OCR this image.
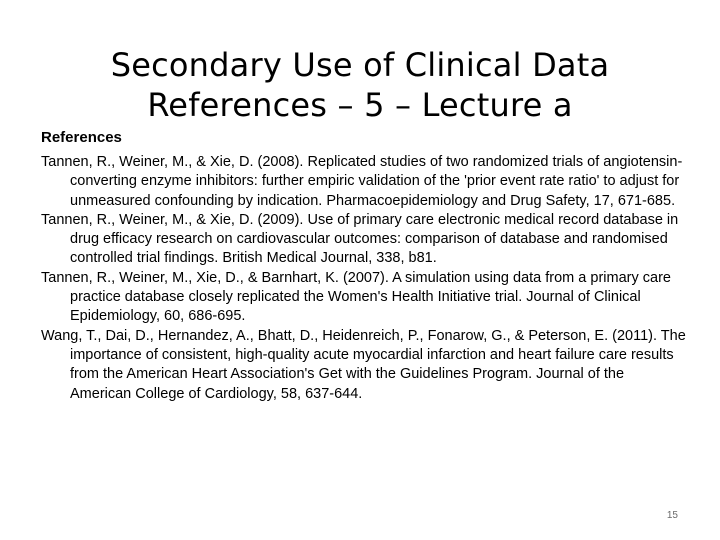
Secondary Use of Clinical Data
References – 5 – Lecture a
References
Tannen, R., Weiner, M., & Xie, D. (2008). Replicated studies of two randomized trials of angiotensin-converting enzyme inhibitors: further empiric validation of the 'prior event rate ratio' to adjust for unmeasured confounding by indication. Pharmacoepidemiology and Drug Safety, 17, 671-685.
Tannen, R., Weiner, M., & Xie, D. (2009). Use of primary care electronic medical record database in drug efficacy research on cardiovascular outcomes: comparison of database and randomised controlled trial findings. British Medical Journal, 338, b81.
Tannen, R., Weiner, M., Xie, D., & Barnhart, K. (2007). A simulation using data from a primary care practice database closely replicated the Women's Health Initiative trial. Journal of Clinical Epidemiology, 60, 686-695.
Wang, T., Dai, D., Hernandez, A., Bhatt, D., Heidenreich, P., Fonarow, G., & Peterson, E. (2011). The importance of consistent, high-quality acute myocardial infarction and heart failure care results from the American Heart Association's Get with the Guidelines Program. Journal of the American College of Cardiology, 58, 637-644.
15
